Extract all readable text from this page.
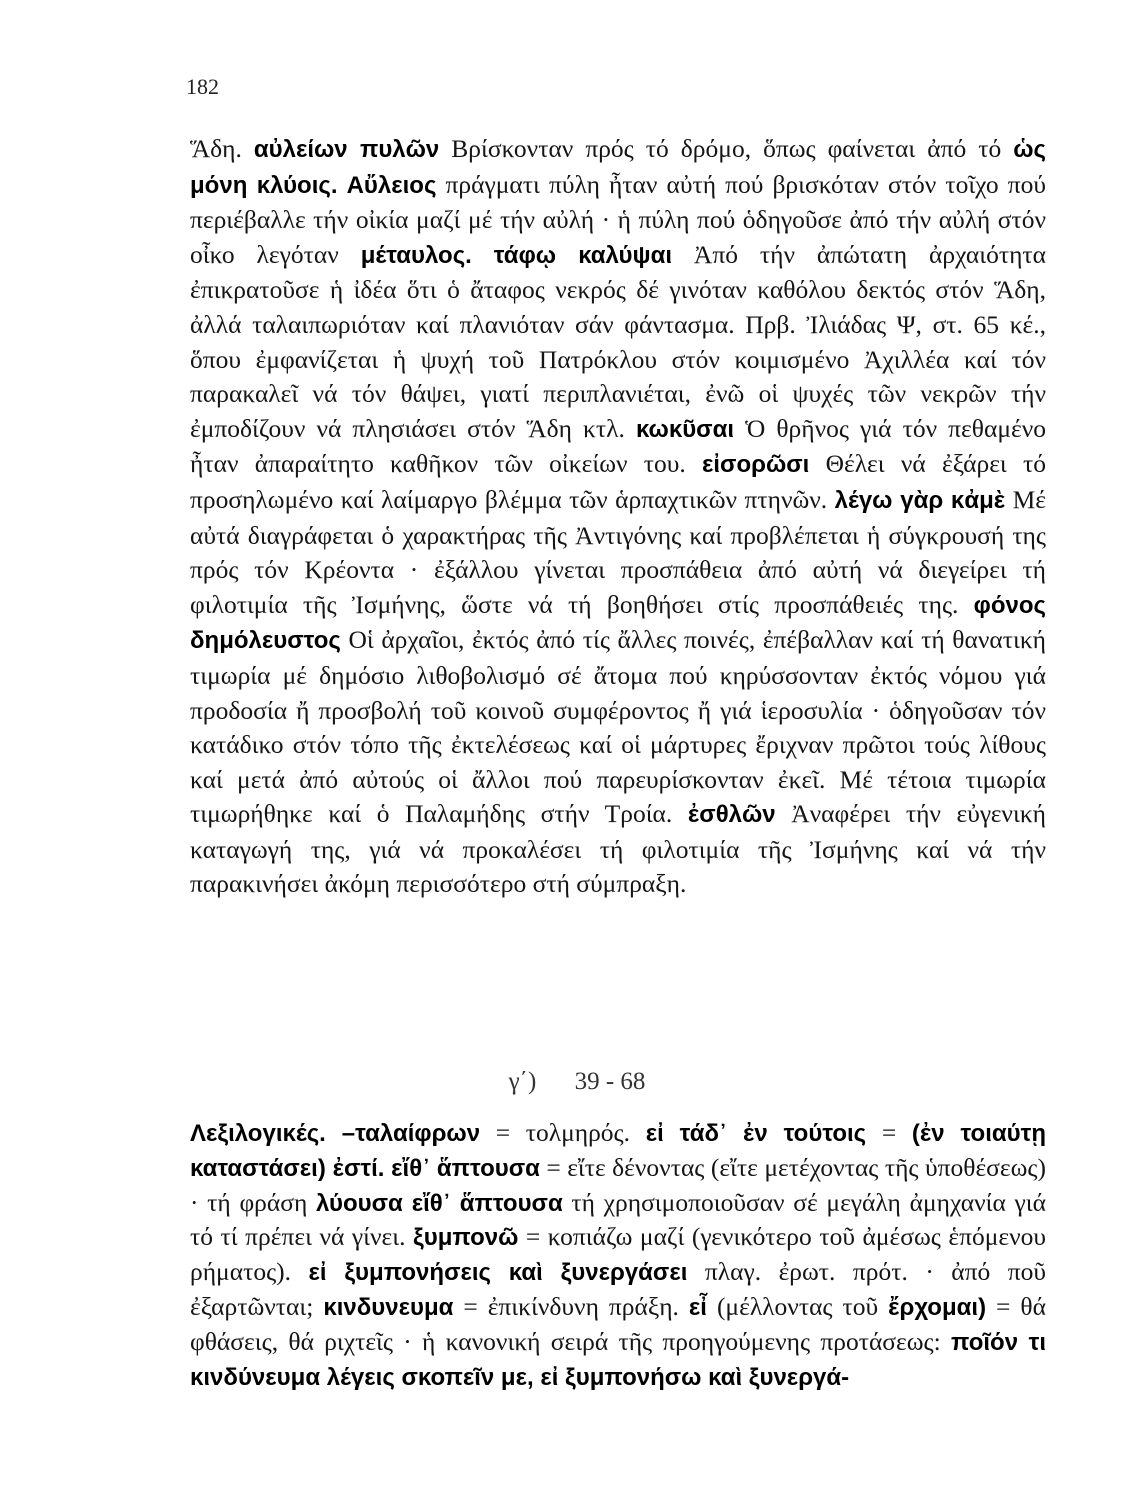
182
Ἅδη. αὐλείων πυλῶν Βρίσκονταν πρός τό δρόμο, ὅπως φαίνεται ἀπό τό ὡς μόνη κλύοις. Αὔλειος πράγματι πύλη ἦταν αὐτή πού βρισκόταν στόν τοῖχο πού περιέβαλλε τήν οἰκία μαζί μέ τήν αὐλή · ἡ πύλη πού ὁδηγοῦσε ἀπό τήν αὐλή στόν οἶκο λεγόταν μέταυλος. τάφῳ καλύψαι Ἀπό τήν ἀπώτατη ἀρχαιότητα ἐπικρατοῦσε ἡ ἰδέα ὅτι ὁ ἄταφος νεκρός δέ γινόταν καθόλου δεκτός στόν Ἅδη, ἀλλά ταλαιπωριόταν καί πλανιόταν σάν φάντασμα. Πρβ. Ἰλιάδας Ψ, στ. 65 κέ., ὅπου ἐμφανίζεται ἡ ψυχή τοῦ Πατρόκλου στόν κοιμισμένο Ἀχιλλέα καί τόν παρακαλεῖ νά τόν θάψει, γιατί περιπλανιέται, ἐνῶ οἱ ψυχές τῶν νεκρῶν τήν ἐμποδίζουν νά πλησιάσει στόν Ἅδη κτλ. κωκῦσαι Ὁ θρῆνος γιά τόν πεθαμένο ἦταν ἀπαραίτητο καθῆκον τῶν οἰκείων του. εἰσορῶσι Θέλει νά ἐξάρει τό προσηλωμένο καί λαίμαργο βλέμμα τῶν ἁρπαχτικῶν πτηνῶν. λέγω γὰρ κἀμὲ Μέ αὐτά διαγράφεται ὁ χαρακτήρας τῆς Ἀντιγόνης καί προβλέπεται ἡ σύγκρουσή της πρός τόν Κρέοντα · ἐξάλλου γίνεται προσπάθεια ἀπό αὐτή νά διεγείρει τή φιλοτιμία τῆς Ἰσμήνης, ὥστε νά τή βοηθήσει στίς προσπάθειές της. φόνος δημόλευστος Οἱ ἀρχαῖοι, ἐκτός ἀπό τίς ἄλλες ποινές, ἐπέβαλλαν καί τή θανατική τιμωρία μέ δημόσιο λιθοβολισμό σέ ἄτομα πού κηρύσσονταν ἐκτός νόμου γιά προδοσία ἤ προσβολή τοῦ κοινοῦ συμφέροντος ἤ γιά ἱεροσυλία · ὁδηγοῦσαν τόν κατάδικο στόν τόπο τῆς ἐκτελέσεως καί οἱ μάρτυρες ἔριχναν πρῶτοι τούς λίθους καί μετά ἀπό αὐτούς οἱ ἄλλοι πού παρευρίσκονταν ἐκεῖ. Μέ τέτοια τιμωρία τιμωρήθηκε καί ὁ Παλαμήδης στήν Τροία. ἐσθλῶν Ἀναφέρει τήν εὐγενική καταγωγή της, γιά νά προκαλέσει τή φιλοτιμία τῆς Ἰσμήνης καί νά τήν παρακινήσει ἀκόμη περισσότερο στή σύμπραξη.
γ΄) 39 - 68
Λεξιλογικές. –ταλαίφρων = τολμηρός. εἰ τάδ᾽ ἐν τούτοις = (ἐν τοιαύτῃ καταστάσει) ἐστί. εἴθ᾽ ἅπτουσα = εἴτε δένοντας (εἴτε μετέχοντας τῆς ὑποθέσεως) · τή φράση λύουσα εἴθ᾽ ἅπτουσα τή χρησιμοποιοῦσαν σέ μεγάλη ἀμηχανία γιά τό τί πρέπει νά γίνει. ξυμπονῶ = κοπιάζω μαζί (γενικότερο τοῦ ἀμέσως ἑπόμενου ρήματος). εἰ ξυμπονήσεις καὶ ξυνεργάσει πλαγ. ἐρωτ. πρότ. · ἀπό ποῦ ἐξαρτῶνται; κινδυνευμα = ἐπικίνδυνη πράξη. εἶ (μέλλοντας τοῦ ἔρχομαι) = θά φθάσεις, θά ριχτεῖς · ἡ κανονική σειρά τῆς προηγούμενης προτάσεως: ποῖόν τι κινδύνευμα λέγεις σκοπεῖν με, εἰ ξυμπονήσω καὶ ξυνεργά-
